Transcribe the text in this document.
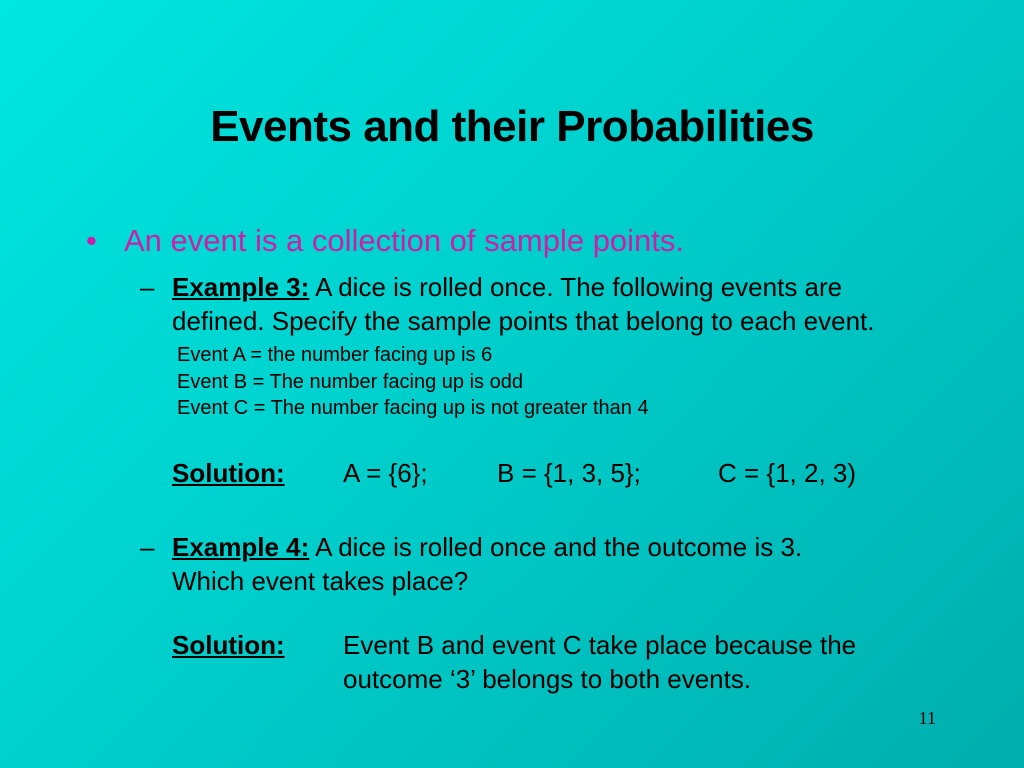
Events and their Probabilities
• An event is a collection of sample points.
– Example 3: A dice is rolled once. The following events are
defined. Specify the sample points that belong to each event.
Event A = the number facing up is 6
Event B = The number facing up is odd
Event C = The number facing up is not greater than 4
Solution: A = {6};	B = {1, 3, 5};	C = {1, 2, 3)
– Example 4: A dice is rolled once and the outcome is 3.
Which event takes place?
Solution: Event B and event C take place because the
outcome ‘3’ belongs to both events.
11
